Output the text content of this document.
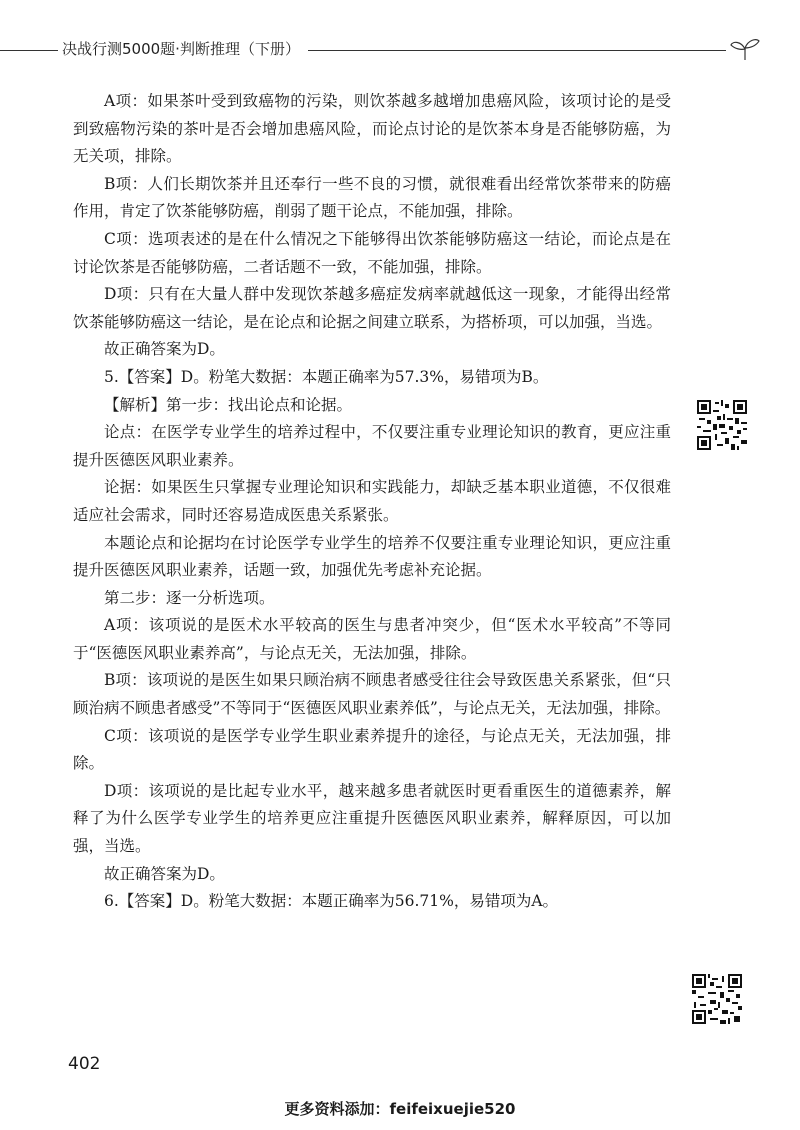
决战行测5000题·判断推理（下册）

A项：如果茶叶受到致癌物的污染，则饮茶越多越增加患癌风险，该项讨论的是受到致癌物污染的茶叶是否会增加患癌风险，而论点讨论的是饮茶本身是否能够防癌，为无关项，排除。

B项：人们长期饮茶并且还奉行一些不良的习惯，就很难看出经常饮茶带来的防癌作用，肯定了饮茶能够防癌，削弱了题干论点，不能加强，排除。

C项：选项表述的是在什么情况之下能够得出饮茶能够防癌这一结论，而论点是在讨论饮茶是否能够防癌，二者话题不一致，不能加强，排除。

D项：只有在大量人群中发现饮茶越多癌症发病率就越低这一现象，才能得出经常饮茶能够防癌这一结论，是在论点和论据之间建立联系，为搭桥项，可以加强，当选。

故正确答案为D。

5.【答案】D。粉笔大数据：本题正确率为57.3%，易错项为B。

【解析】第一步：找出论点和论据。

论点：在医学专业学生的培养过程中，不仅要注重专业理论知识的教育，更应注重提升医德医风职业素养。

论据：如果医生只掌握专业理论知识和实践能力，却缺乏基本职业道德，不仅很难适应社会需求，同时还容易造成医患关系紧张。

本题论点和论据均在讨论医学专业学生的培养不仅要注重专业理论知识，更应注重提升医德医风职业素养，话题一致，加强优先考虑补充论据。

第二步：逐一分析选项。

A项：该项说的是医术水平较高的医生与患者冲突少，但“医术水平较高”不等同于“医德医风职业素养高”，与论点无关，无法加强，排除。

B项：该项说的是医生如果只顾治病不顾患者感受往往会导致医患关系紧张，但“只顾治病不顾患者感受”不等同于“医德医风职业素养低”，与论点无关，无法加强，排除。

C项：该项说的是医学专业学生职业素养提升的途径，与论点无关，无法加强，排除。

D项：该项说的是比起专业水平，越来越多患者就医时更看重医生的道德素养，解释了为什么医学专业学生的培养更应注重提升医德医风职业素养，解释原因，可以加强，当选。

故正确答案为D。

6.【答案】D。粉笔大数据：本题正确率为56.71%，易错项为A。

402
更多资料添加：feifeixuejie520
